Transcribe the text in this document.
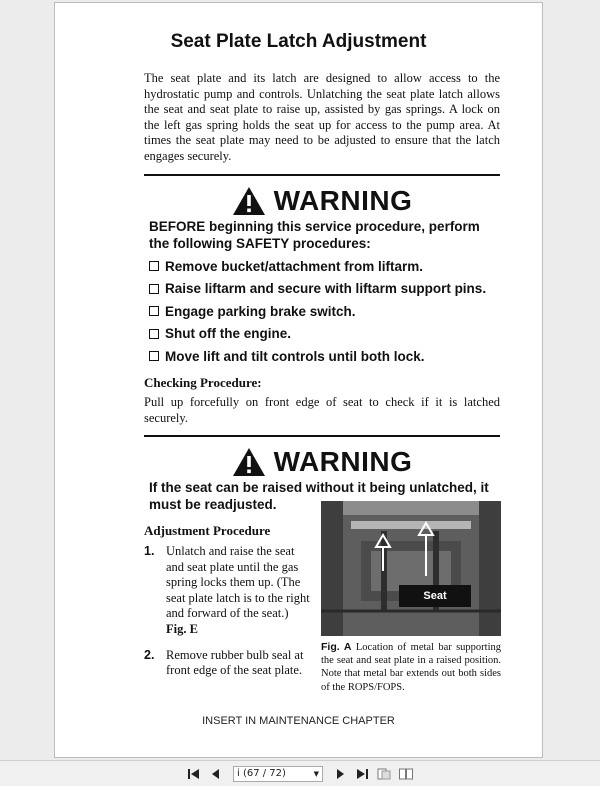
Seat Plate Latch Adjustment
The seat plate and its latch are designed to allow access to the hydrostatic pump and controls. Unlatching the seat plate latch allows the seat and seat plate to raise up, assisted by gas springs. A lock on the left gas spring holds the seat up for access to the pump area. At times the seat plate may need to be adjusted to ensure that the latch engages securely.
WARNING
BEFORE beginning this service procedure, perform the following SAFETY procedures:
Remove bucket/attachment from liftarm.
Raise liftarm and secure with liftarm support pins.
Engage parking brake switch.
Shut off the engine.
Move lift and tilt controls until both lock.
Checking Procedure:
Pull up forcefully on front edge of seat to check if it is latched securely.
WARNING
If the seat can be raised without it being unlatched, it must be readjusted.
Adjustment Procedure
1. Unlatch and raise the seat and seat plate until the gas spring locks them up. (The seat plate latch is to the right and forward of the seat.)
Fig. E
2. Remove rubber bulb seal at front edge of the seat plate.
Seat
Fig. A Location of metal bar supporting the seat and seat plate in a raised position. Note that metal bar extends out both sides of the ROPS/FOPS.
INSERT IN MAINTENANCE CHAPTER
i (67 / 72)	▼
